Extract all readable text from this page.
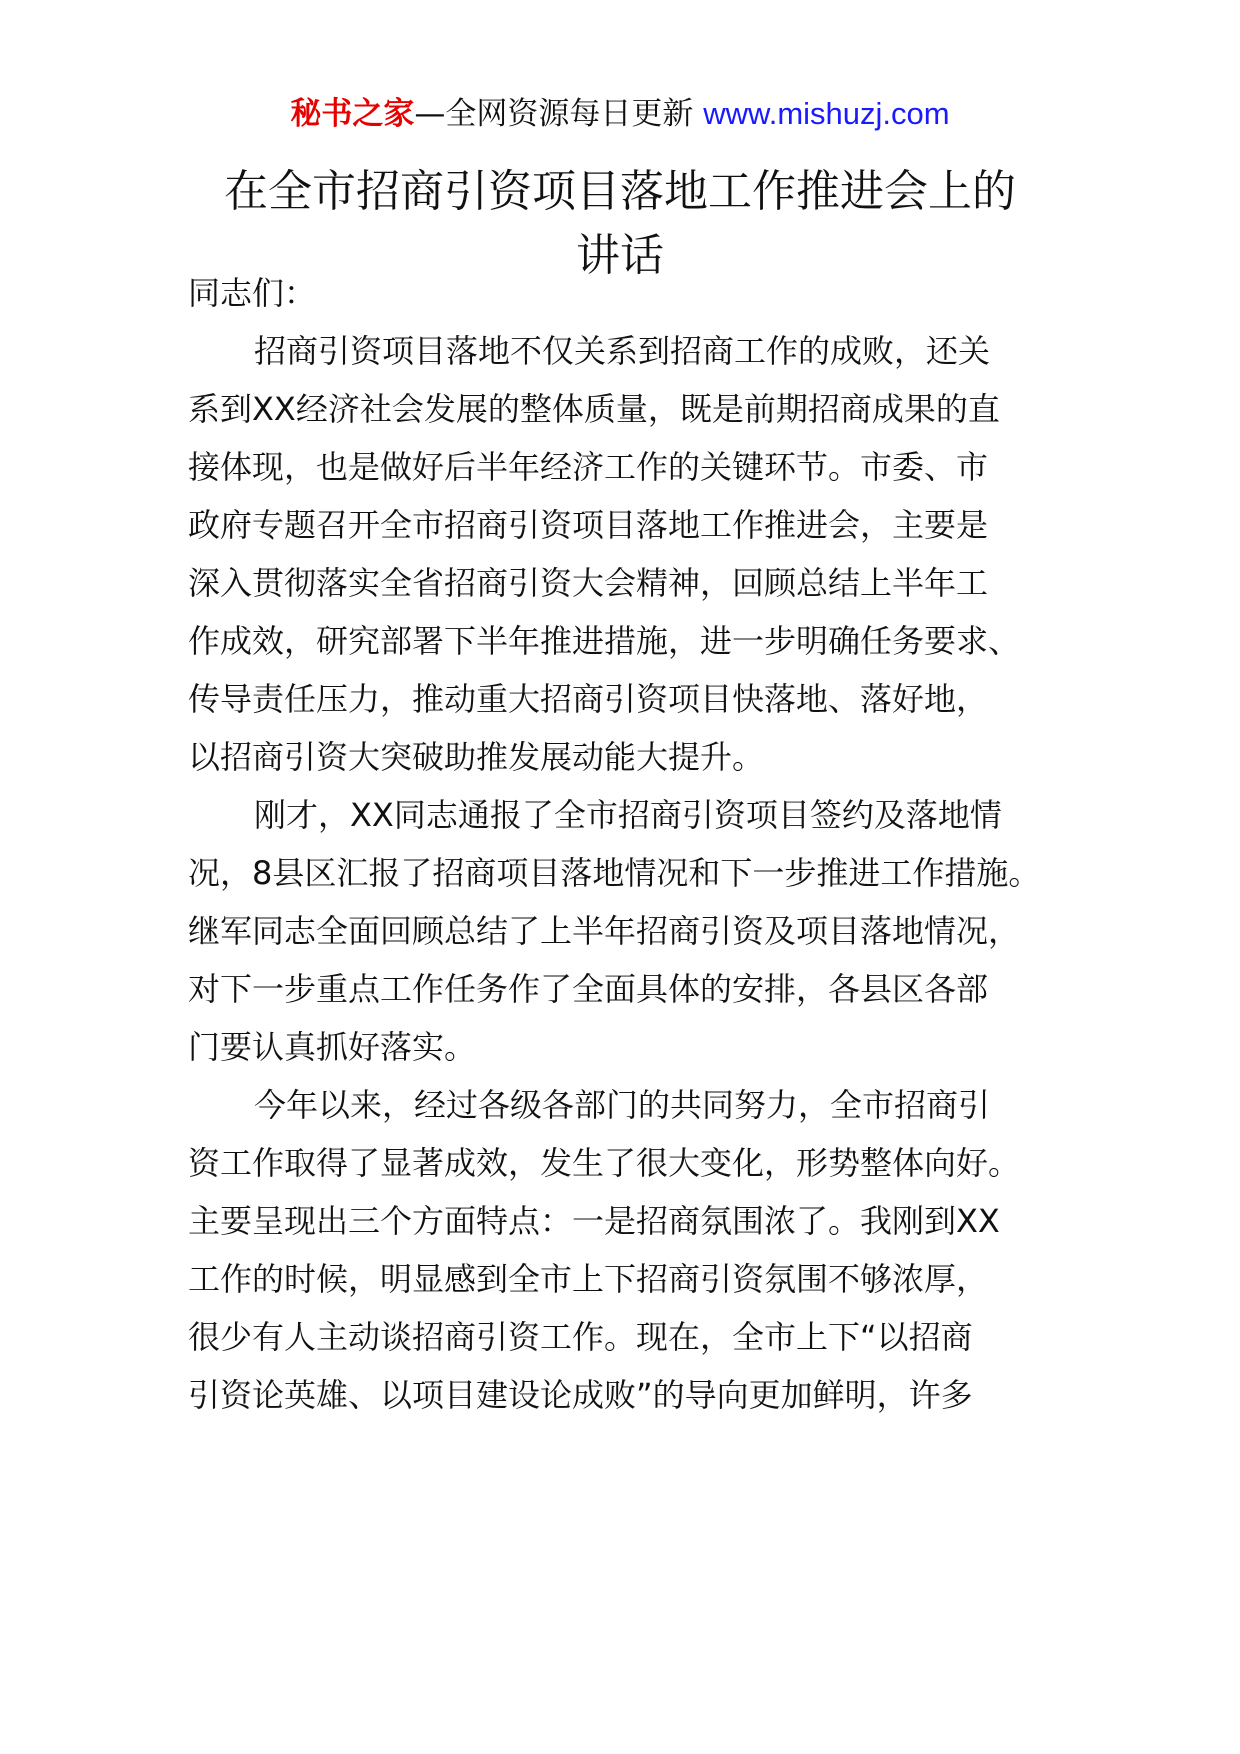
秘书之家—全网资源每日更新 www.mishuzj.com
在全市招商引资项目落地工作推进会上的
讲话
同志们：
招商引资项目落地不仅关系到招商工作的成败，还关
系到XX经济社会发展的整体质量，既是前期招商成果的直
接体现，也是做好后半年经济工作的关键环节。市委、市
政府专题召开全市招商引资项目落地工作推进会，主要是
深入贯彻落实全省招商引资大会精神，回顾总结上半年工
作成效，研究部署下半年推进措施，进一步明确任务要求、
传导责任压力，推动重大招商引资项目快落地、落好地，
以招商引资大突破助推发展动能大提升。
刚才，XX同志通报了全市招商引资项目签约及落地情
况，8县区汇报了招商项目落地情况和下一步推进工作措施。
继军同志全面回顾总结了上半年招商引资及项目落地情况，
对下一步重点工作任务作了全面具体的安排，各县区各部
门要认真抓好落实。
今年以来，经过各级各部门的共同努力，全市招商引
资工作取得了显著成效，发生了很大变化，形势整体向好。
主要呈现出三个方面特点：一是招商氛围浓了。我刚到XX
工作的时候，明显感到全市上下招商引资氛围不够浓厚，
很少有人主动谈招商引资工作。现在，全市上下“以招商
引资论英雄、以项目建设论成败”的导向更加鲜明，许多
